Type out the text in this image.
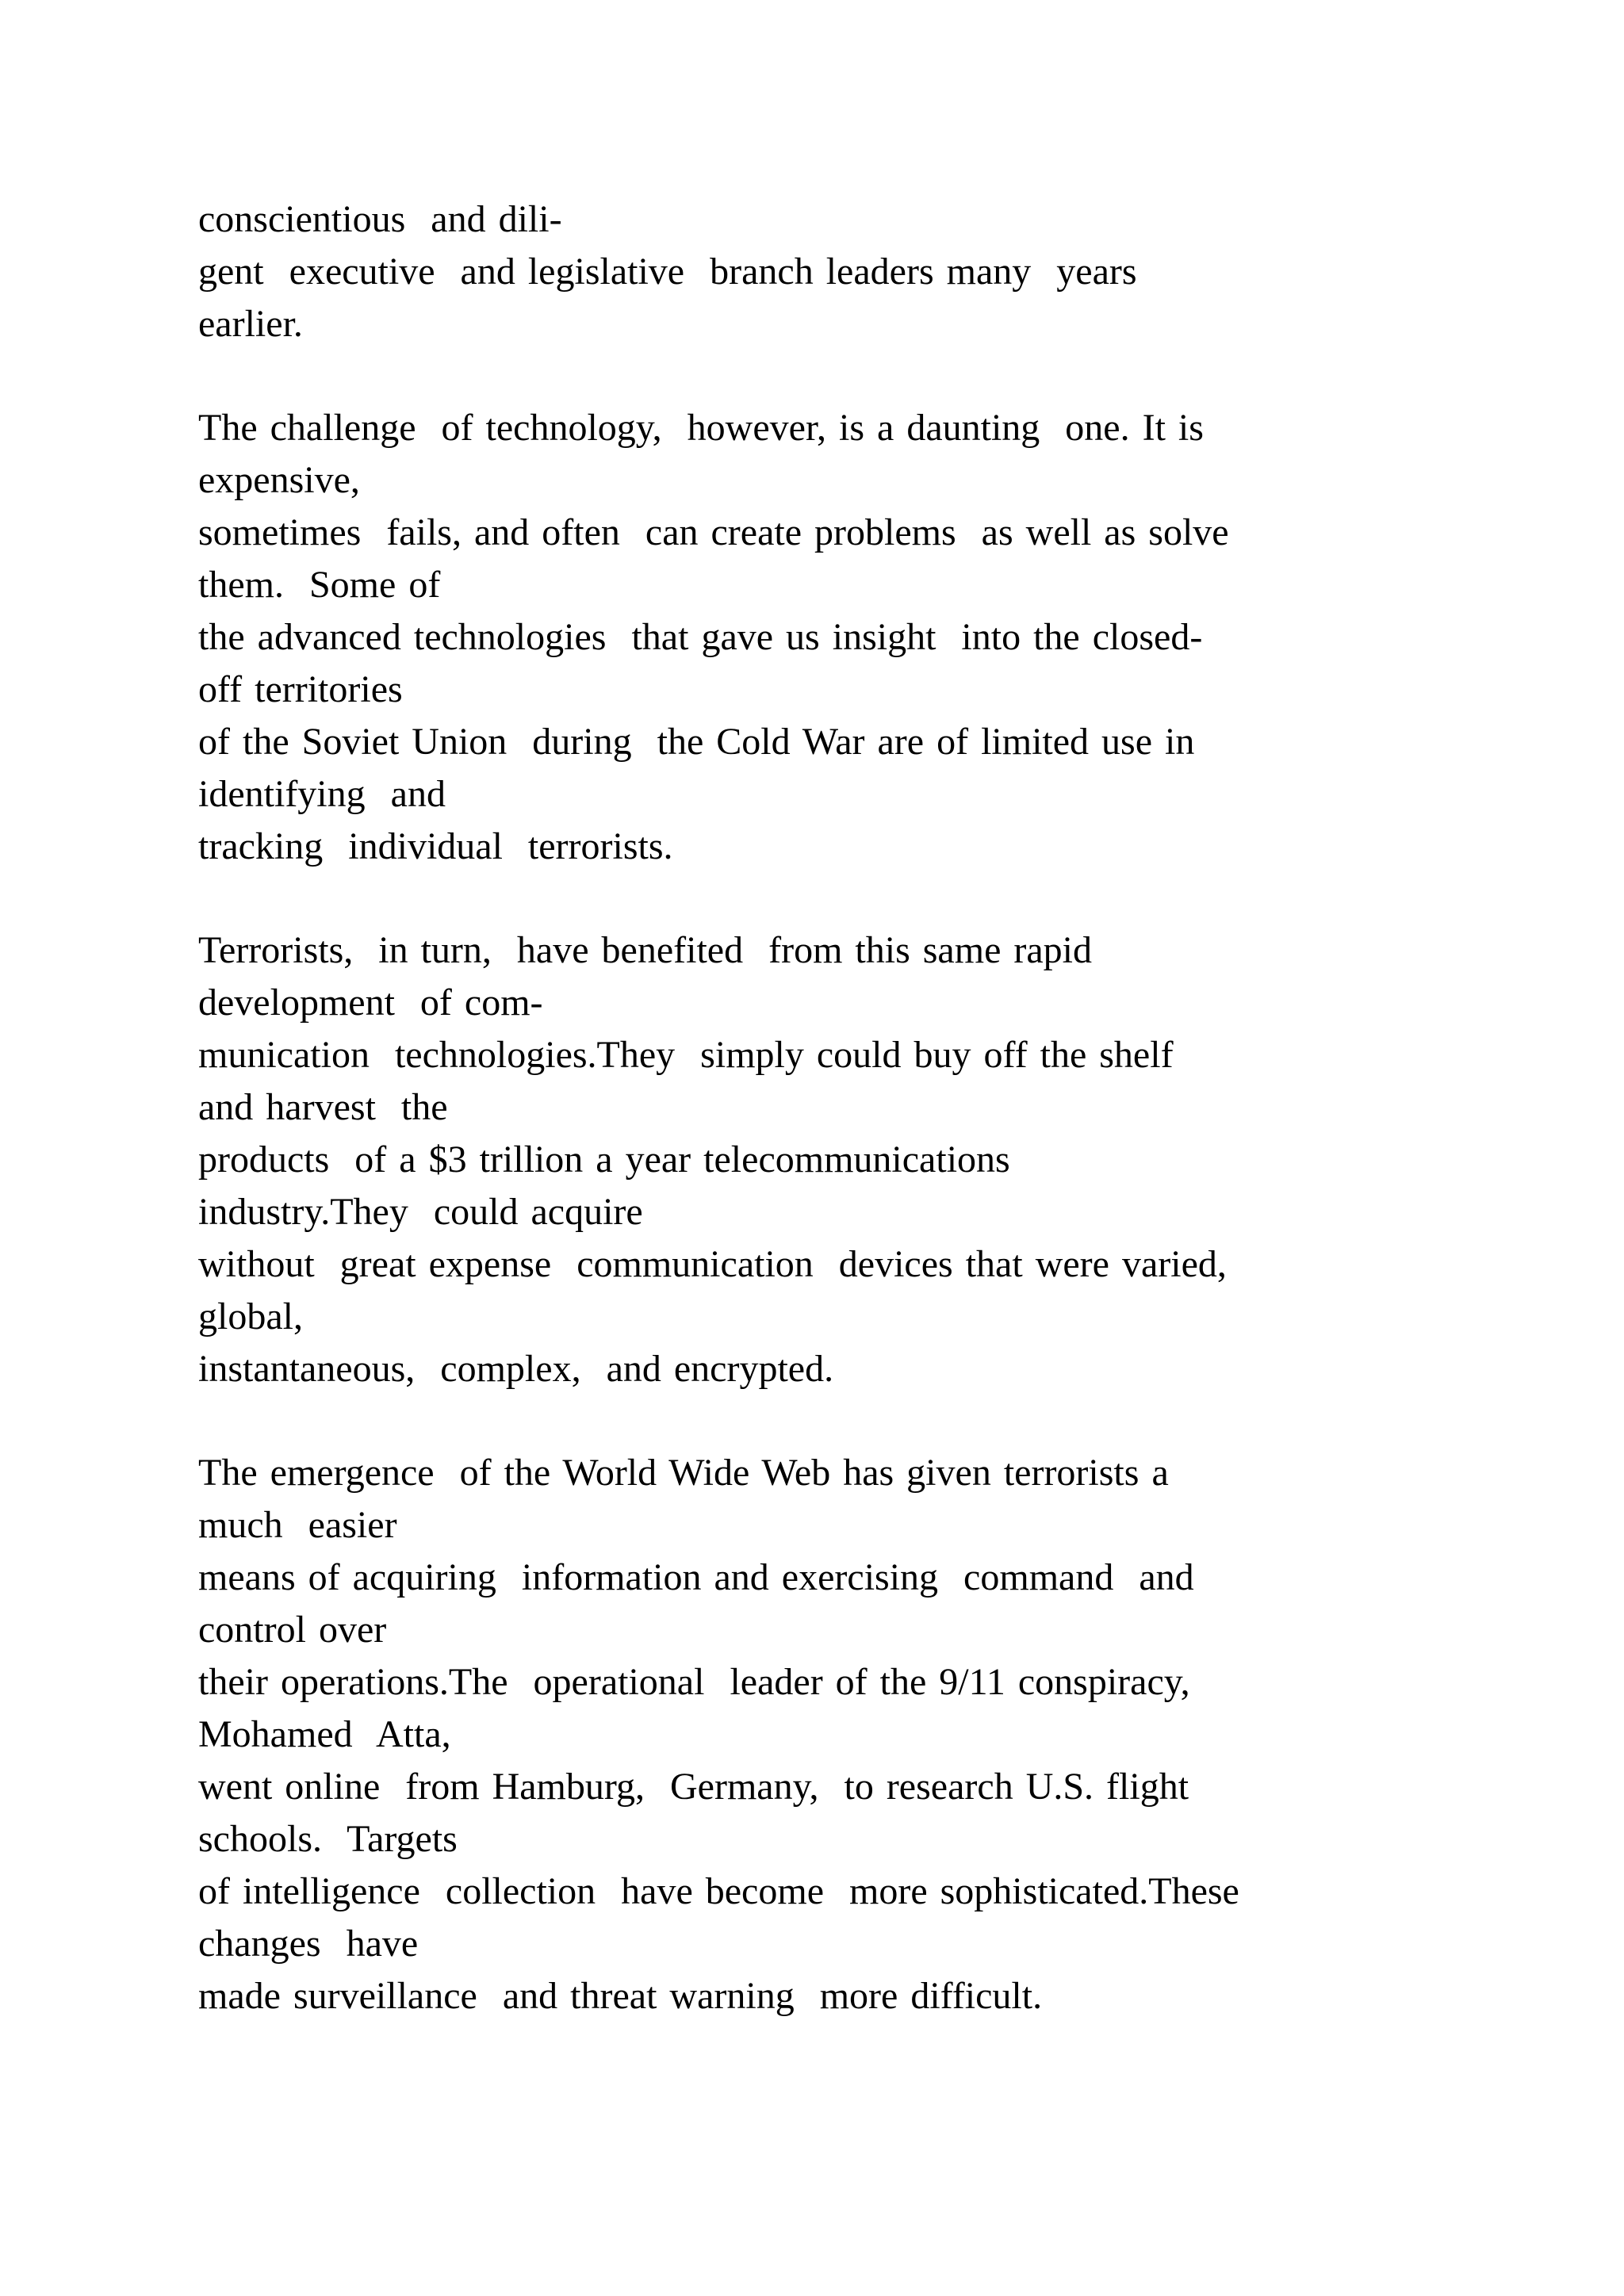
conscientious  and dili-
gent  executive  and legislative  branch leaders many  years
earlier.
The challenge  of technology,  however, is a daunting  one. It is
expensive,
sometimes  fails, and often  can create problems  as well as solve
them.  Some of
the advanced technologies  that gave us insight  into the closed-
off territories
of the Soviet Union  during  the Cold War are of limited use in
identifying  and
tracking  individual  terrorists.
Terrorists,  in turn,  have benefited  from this same rapid
development  of com-
munication  technologies.They  simply could buy off the shelf
and harvest  the
products  of a $3 trillion a year telecommunications
industry.They  could acquire
without  great expense  communication  devices that were varied,
global,
instantaneous,  complex,  and encrypted.
The emergence  of the World Wide Web has given terrorists a
much  easier
means of acquiring  information and exercising  command  and
control over
their operations.The  operational  leader of the 9/11 conspiracy,
Mohamed  Atta,
went online  from Hamburg,  Germany,  to research U.S. flight
schools.  Targets
of intelligence  collection  have become  more sophisticated.These
changes  have
made surveillance  and threat warning  more difficult.
